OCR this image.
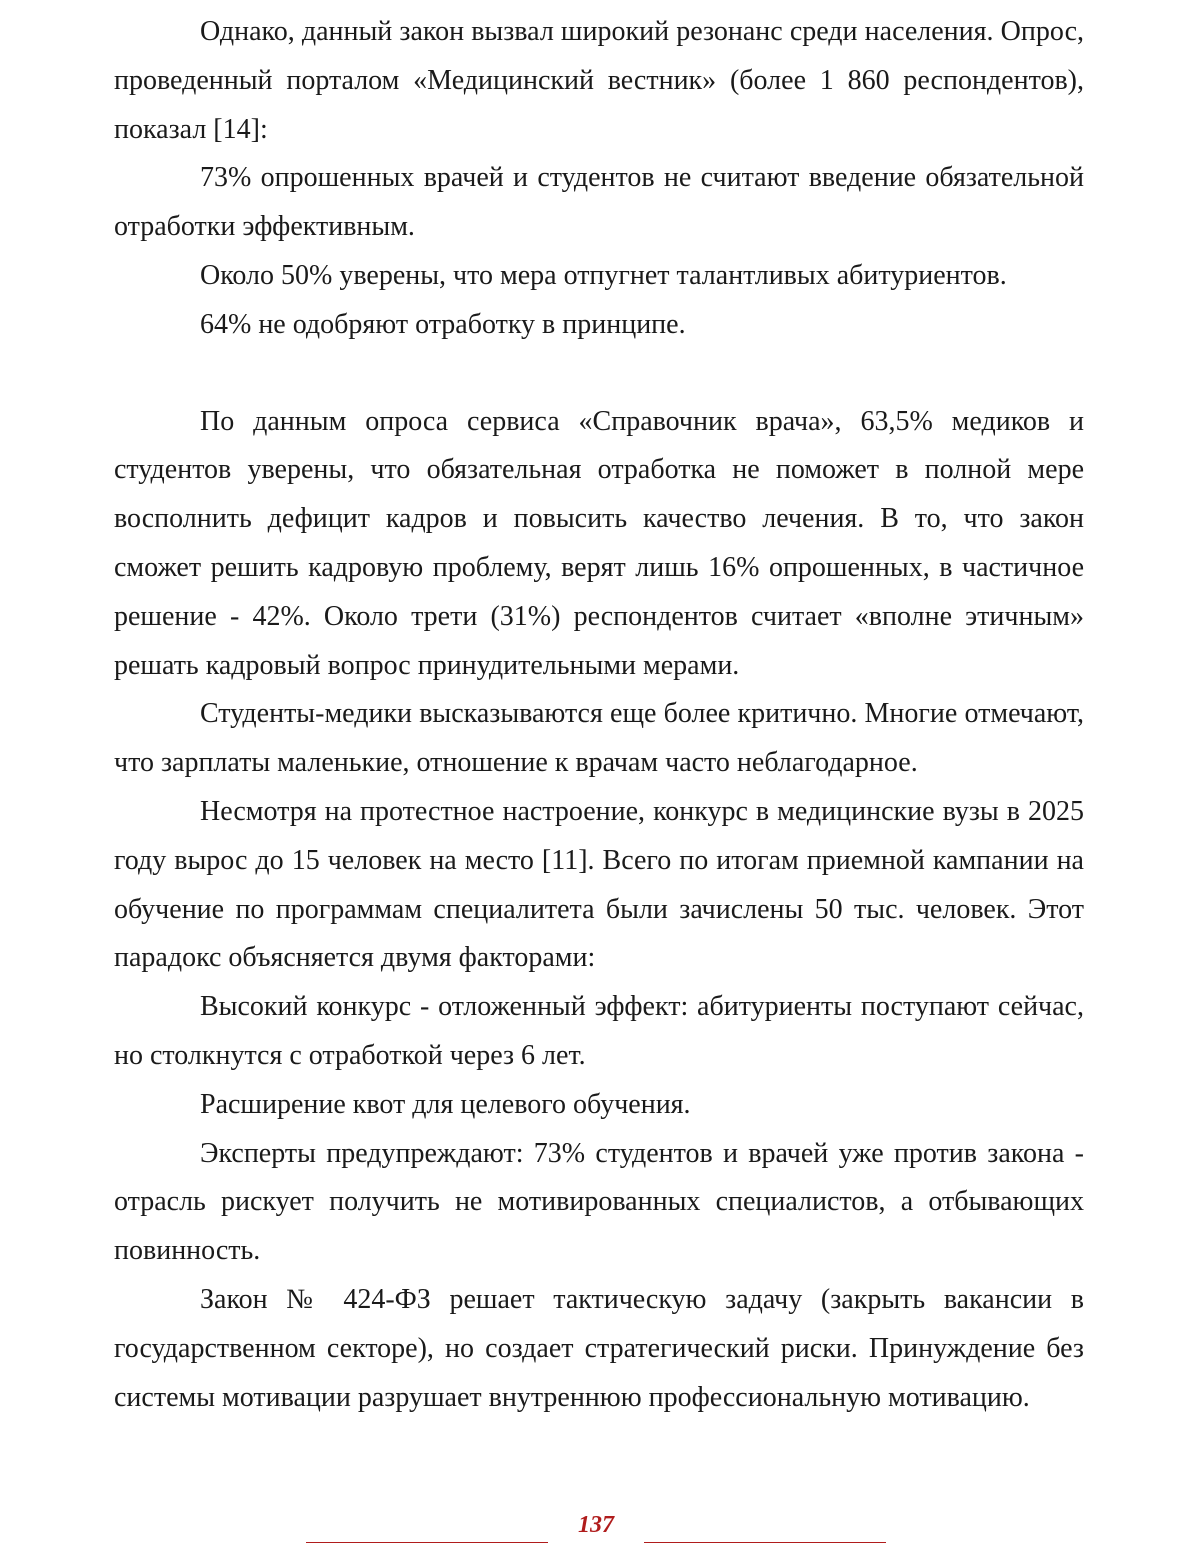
Однако, данный закон вызвал широкий резонанс среди населения. Опрос, проведенный порталом «Медицинский вестник» (более 1 860 респондентов), показал [14]:

73% опрошенных врачей и студентов не считают введение обязательной отработки эффективным.

Около 50% уверены, что мера отпугнет талантливых абитуриентов.

64% не одобряют отработку в принципе.

По данным опроса сервиса «Справочник врача», 63,5% медиков и студентов уверены, что обязательная отработка не поможет в полной мере восполнить дефицит кадров и повысить качество лечения. В то, что закон сможет решить кадровую проблему, верят лишь 16% опрошенных, в частичное решение - 42%. Около трети (31%) респондентов считает «вполне этичным» решать кадровый вопрос принудительными мерами.

Студенты-медики высказываются еще более критично. Многие отмечают, что зарплаты маленькие, отношение к врачам часто неблагодарное.

Несмотря на протестное настроение, конкурс в медицинские вузы в 2025 году вырос до 15 человек на место [11]. Всего по итогам приемной кампании на обучение по программам специалитета были зачислены 50 тыс. человек. Этот парадокс объясняется двумя факторами:

Высокий конкурс - отложенный эффект: абитуриенты поступают сейчас, но столкнутся с отработкой через 6 лет.

Расширение квот для целевого обучения.

Эксперты предупреждают: 73% студентов и врачей уже против закона - отрасль рискует получить не мотивированных специалистов, а отбывающих повинность.

Закон № 424-ФЗ решает тактическую задачу (закрыть вакансии в государственном секторе), но создает стратегический риски. Принуждение без системы мотивации разрушает внутреннюю профессиональную мотивацию.

137
